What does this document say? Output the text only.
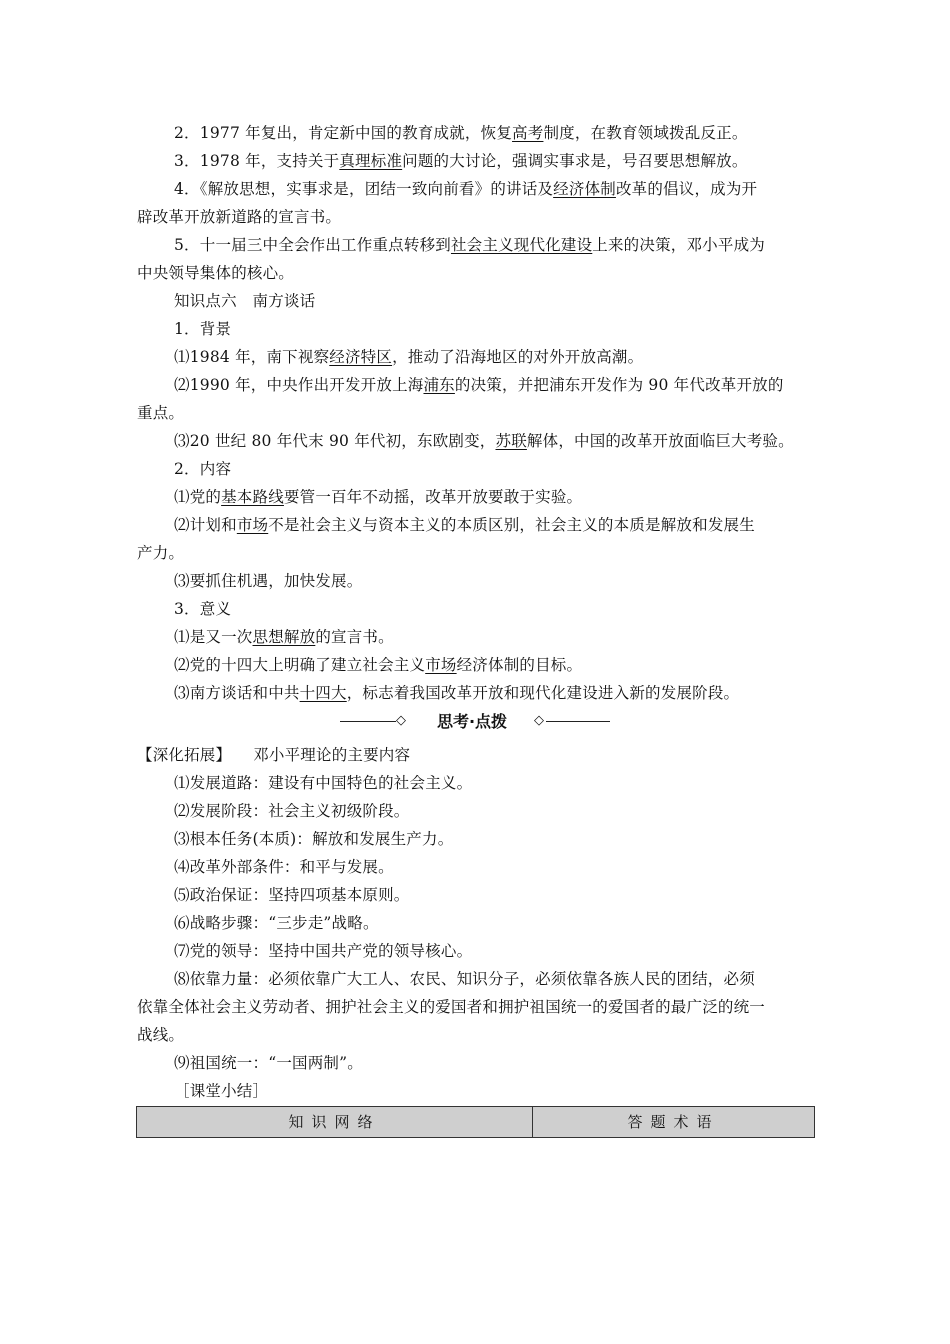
2．1977 年复出，肯定新中国的教育成就，恢复高考制度，在教育领域拨乱反正。
3．1978 年，支持关于真理标准问题的大讨论，强调实事求是，号召要思想解放。
4．《解放思想，实事求是，团结一致向前看》的讲话及经济体制改革的倡议，成为开
辟改革开放新道路的宣言书。
5．十一届三中全会作出工作重点转移到社会主义现代化建设上来的决策，邓小平成为
中央领导集体的核心。
知识点六　南方谈话
1．背景
⑴1984 年，南下视察经济特区，推动了沿海地区的对外开放高潮。
⑵1990 年，中央作出开发开放上海浦东的决策，并把浦东开发作为 90 年代改革开放的
重点。
⑶20 世纪 80 年代末 90 年代初，东欧剧变，苏联解体，中国的改革开放面临巨大考验。
2．内容
⑴党的基本路线要管一百年不动摇，改革开放要敢于实验。
⑵计划和市场不是社会主义与资本主义的本质区别，社会主义的本质是解放和发展生
产力。
⑶要抓住机遇，加快发展。
3．意义
⑴是又一次思想解放的宣言书。
⑵党的十四大上明确了建立社会主义市场经济体制的目标。
⑶南方谈话和中共十四大，标志着我国改革开放和现代化建设进入新的发展阶段。
◇	思考·点拨	◇
【深化拓展】 邓小平理论的主要内容
⑴发展道路：建设有中国特色的社会主义。
⑵发展阶段：社会主义初级阶段。
⑶根本任务(本质)：解放和发展生产力。
⑷改革外部条件：和平与发展。
⑸政治保证：坚持四项基本原则。
⑹战略步骤：“三步走”战略。
⑺党的领导：坚持中国共产党的领导核心。
⑻依靠力量：必须依靠广大工人、农民、知识分子，必须依靠各族人民的团结，必须
依靠全体社会主义劳动者、拥护社会主义的爱国者和拥护祖国统一的爱国者的最广泛的统一
战线。
⑼祖国统一：“一国两制”。
［课堂小结］
知识网络	答题术语
